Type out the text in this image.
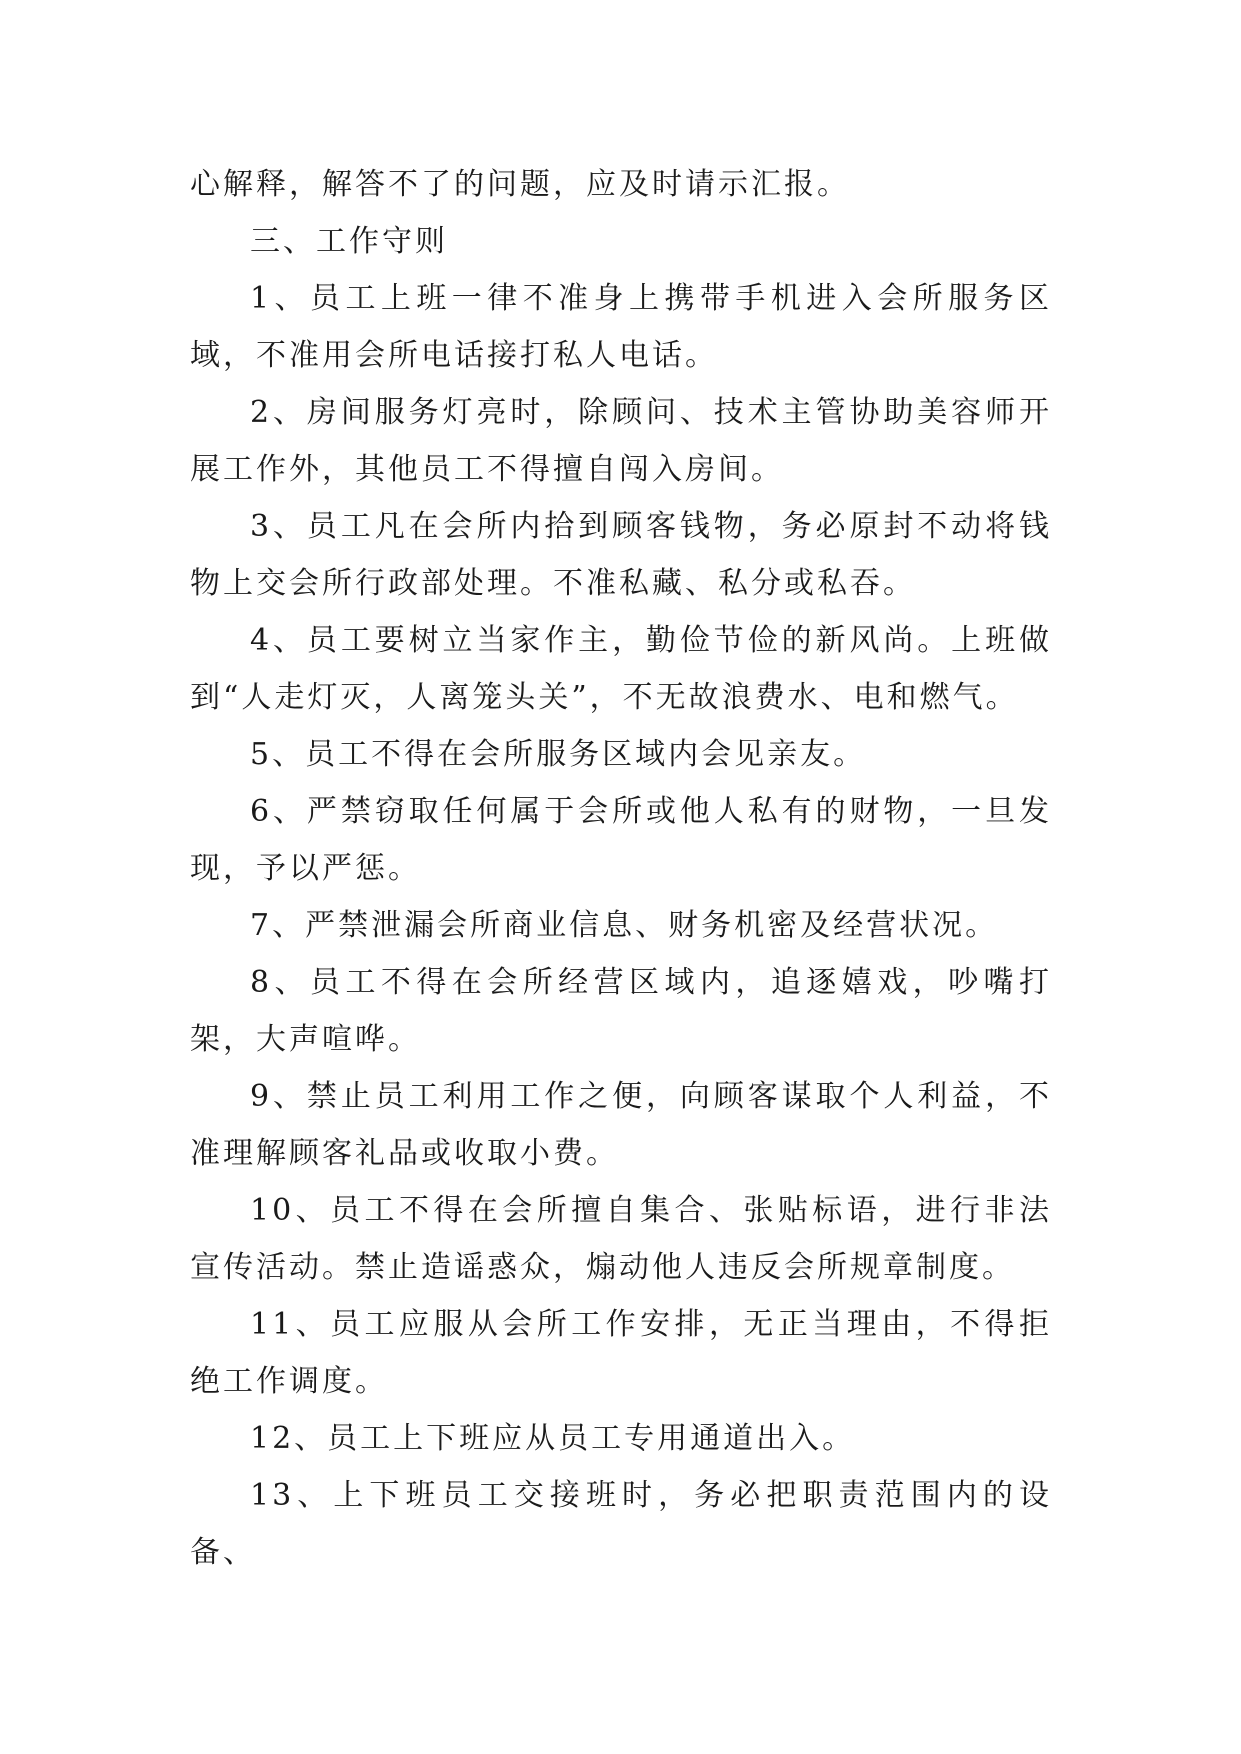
心解释，解答不了的问题，应及时请示汇报。

三、工作守则

1、员工上班一律不准身上携带手机进入会所服务区域，不准用会所电话接打私人电话。

2、房间服务灯亮时，除顾问、技术主管协助美容师开展工作外，其他员工不得擅自闯入房间。

3、员工凡在会所内拾到顾客钱物，务必原封不动将钱物上交会所行政部处理。不准私藏、私分或私吞。

4、员工要树立当家作主，勤俭节俭的新风尚。上班做到“人走灯灭，人离笼头关”，不无故浪费水、电和燃气。

5、员工不得在会所服务区域内会见亲友。

6、严禁窃取任何属于会所或他人私有的财物，一旦发现，予以严惩。

7、严禁泄漏会所商业信息、财务机密及经营状况。

8、员工不得在会所经营区域内，追逐嬉戏，吵嘴打架，大声喧哗。

9、禁止员工利用工作之便，向顾客谋取个人利益，不准理解顾客礼品或收取小费。

10、员工不得在会所擅自集合、张贴标语，进行非法宣传活动。禁止造谣惑众，煽动他人违反会所规章制度。

11、员工应服从会所工作安排，无正当理由，不得拒绝工作调度。

12、员工上下班应从员工专用通道出入。

13、上下班员工交接班时，务必把职责范围内的设备、
